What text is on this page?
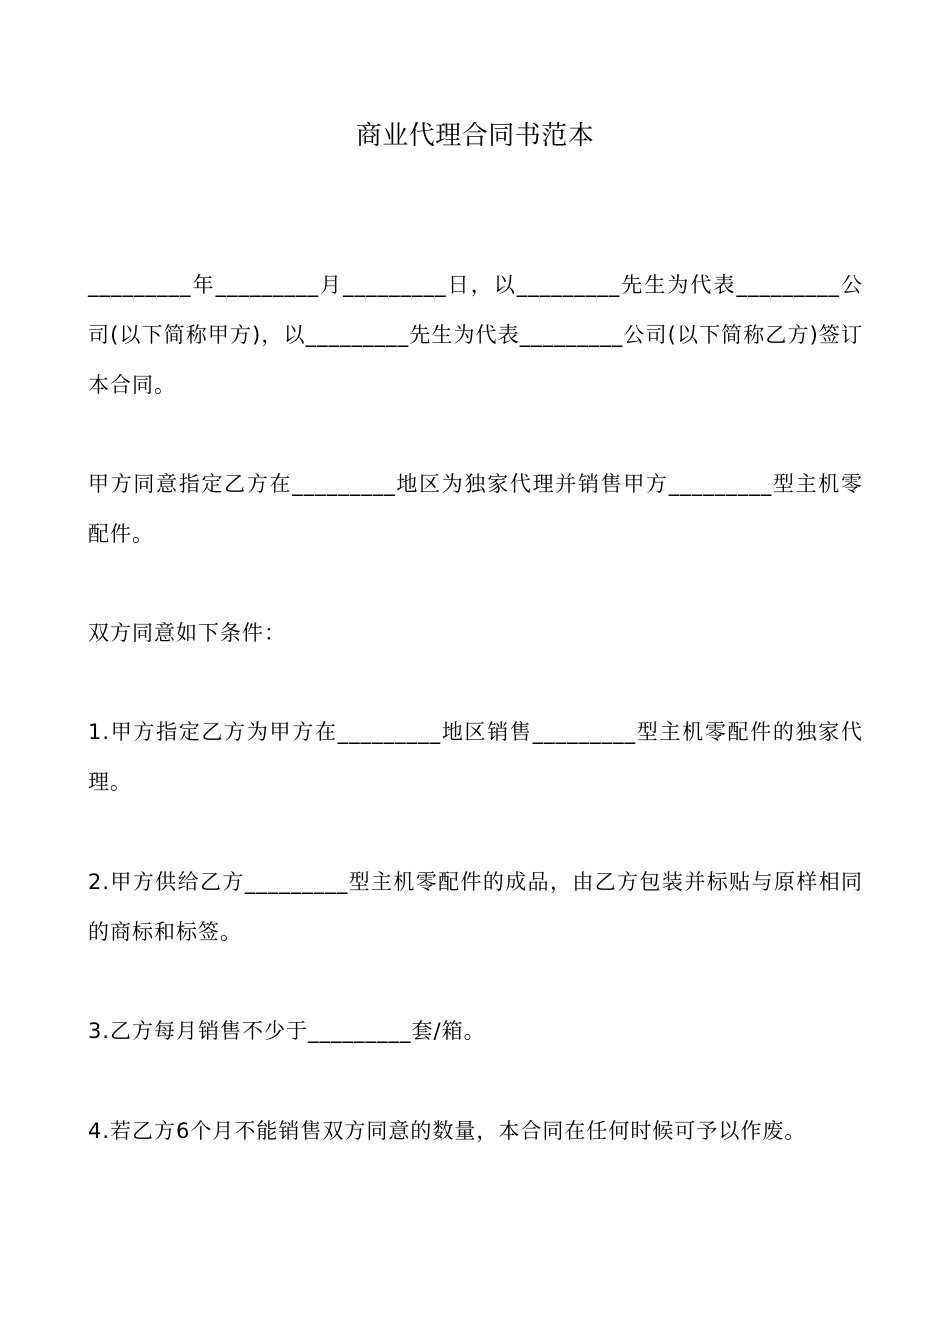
商业代理合同书范本
_________年_________月_________日，以_________先生为代表_________公司(以下简称甲方)，以_________先生为代表_________公司(以下简称乙方)签订本合同。
甲方同意指定乙方在_________地区为独家代理并销售甲方_________型主机零配件。
双方同意如下条件：
1.甲方指定乙方为甲方在_________地区销售_________型主机零配件的独家代理。
2.甲方供给乙方_________型主机零配件的成品，由乙方包装并标贴与原样相同的商标和标签。
3.乙方每月销售不少于_________套/箱。
4.若乙方6个月不能销售双方同意的数量，本合同在任何时候可予以作废。
